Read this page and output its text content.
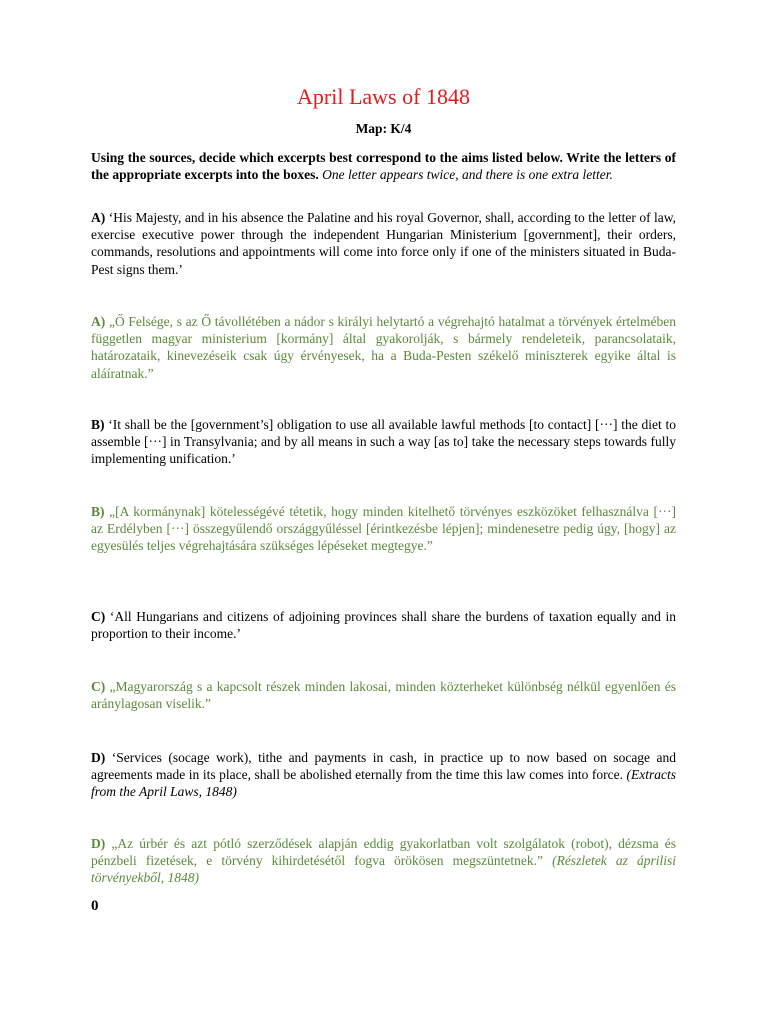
April Laws of 1848
Map: K/4

Using the sources, decide which excerpts best correspond to the aims listed below. Write the letters of the appropriate excerpts into the boxes. One letter appears twice, and there is one extra letter.

A) ‘His Majesty, and in his absence the Palatine and his royal Governor, shall, according to the letter of law, exercise executive power through the independent Hungarian Ministerium [government], their orders, commands, resolutions and appointments will come into force only if one of the ministers situated in Buda-Pest signs them.’

A) „Ő Felsége, s az Ő távollétében a nádor s királyi helytartó a végrehajtó hatalmat a törvények értelmében független magyar ministerium [kormány] által gyakorolják, s bármely rendeleteik, parancsolataik, határozataik, kinevezéseik csak úgy érvényesek, ha a Buda-Pesten székelő miniszterek egyike által is aláíratnak.”

B) ‘It shall be the [government’s] obligation to use all available lawful methods [to contact] [···] the diet to assemble [···] in Transylvania; and by all means in such a way [as to] take the necessary steps towards fully implementing unification.’

B) „[A kormánynak] kötelességévé tétetik, hogy minden kitelhető törvényes eszközöket felhasználva [···] az Erdélyben [···] összegyűlendő országgyűléssel [érintkezésbe lépjen]; mindenesetre pedig úgy, [hogy] az egyesülés teljes végrehajtására szükséges lépéseket megtegye.”

C) ‘All Hungarians and citizens of adjoining provinces shall share the burdens of taxation equally and in proportion to their income.’

C) „Magyarország s a kapcsolt részek minden lakosai, minden közterheket különbség nélkül egyenlően és aránylagosan viselik.”

D) ‘Services (socage work), tithe and payments in cash, in practice up to now based on socage and agreements made in its place, shall be abolished eternally from the time this law comes into force. (Extracts from the April Laws, 1848)

D) „Az úrbér és azt pótló szerződések alapján eddig gyakorlatban volt szolgálatok (robot), dézsma és pénzbeli fizetések, e törvény kihirdetésétől fogva örökösen megszüntetnek.” (Részletek az áprilisi törvényekből, 1848)

0
